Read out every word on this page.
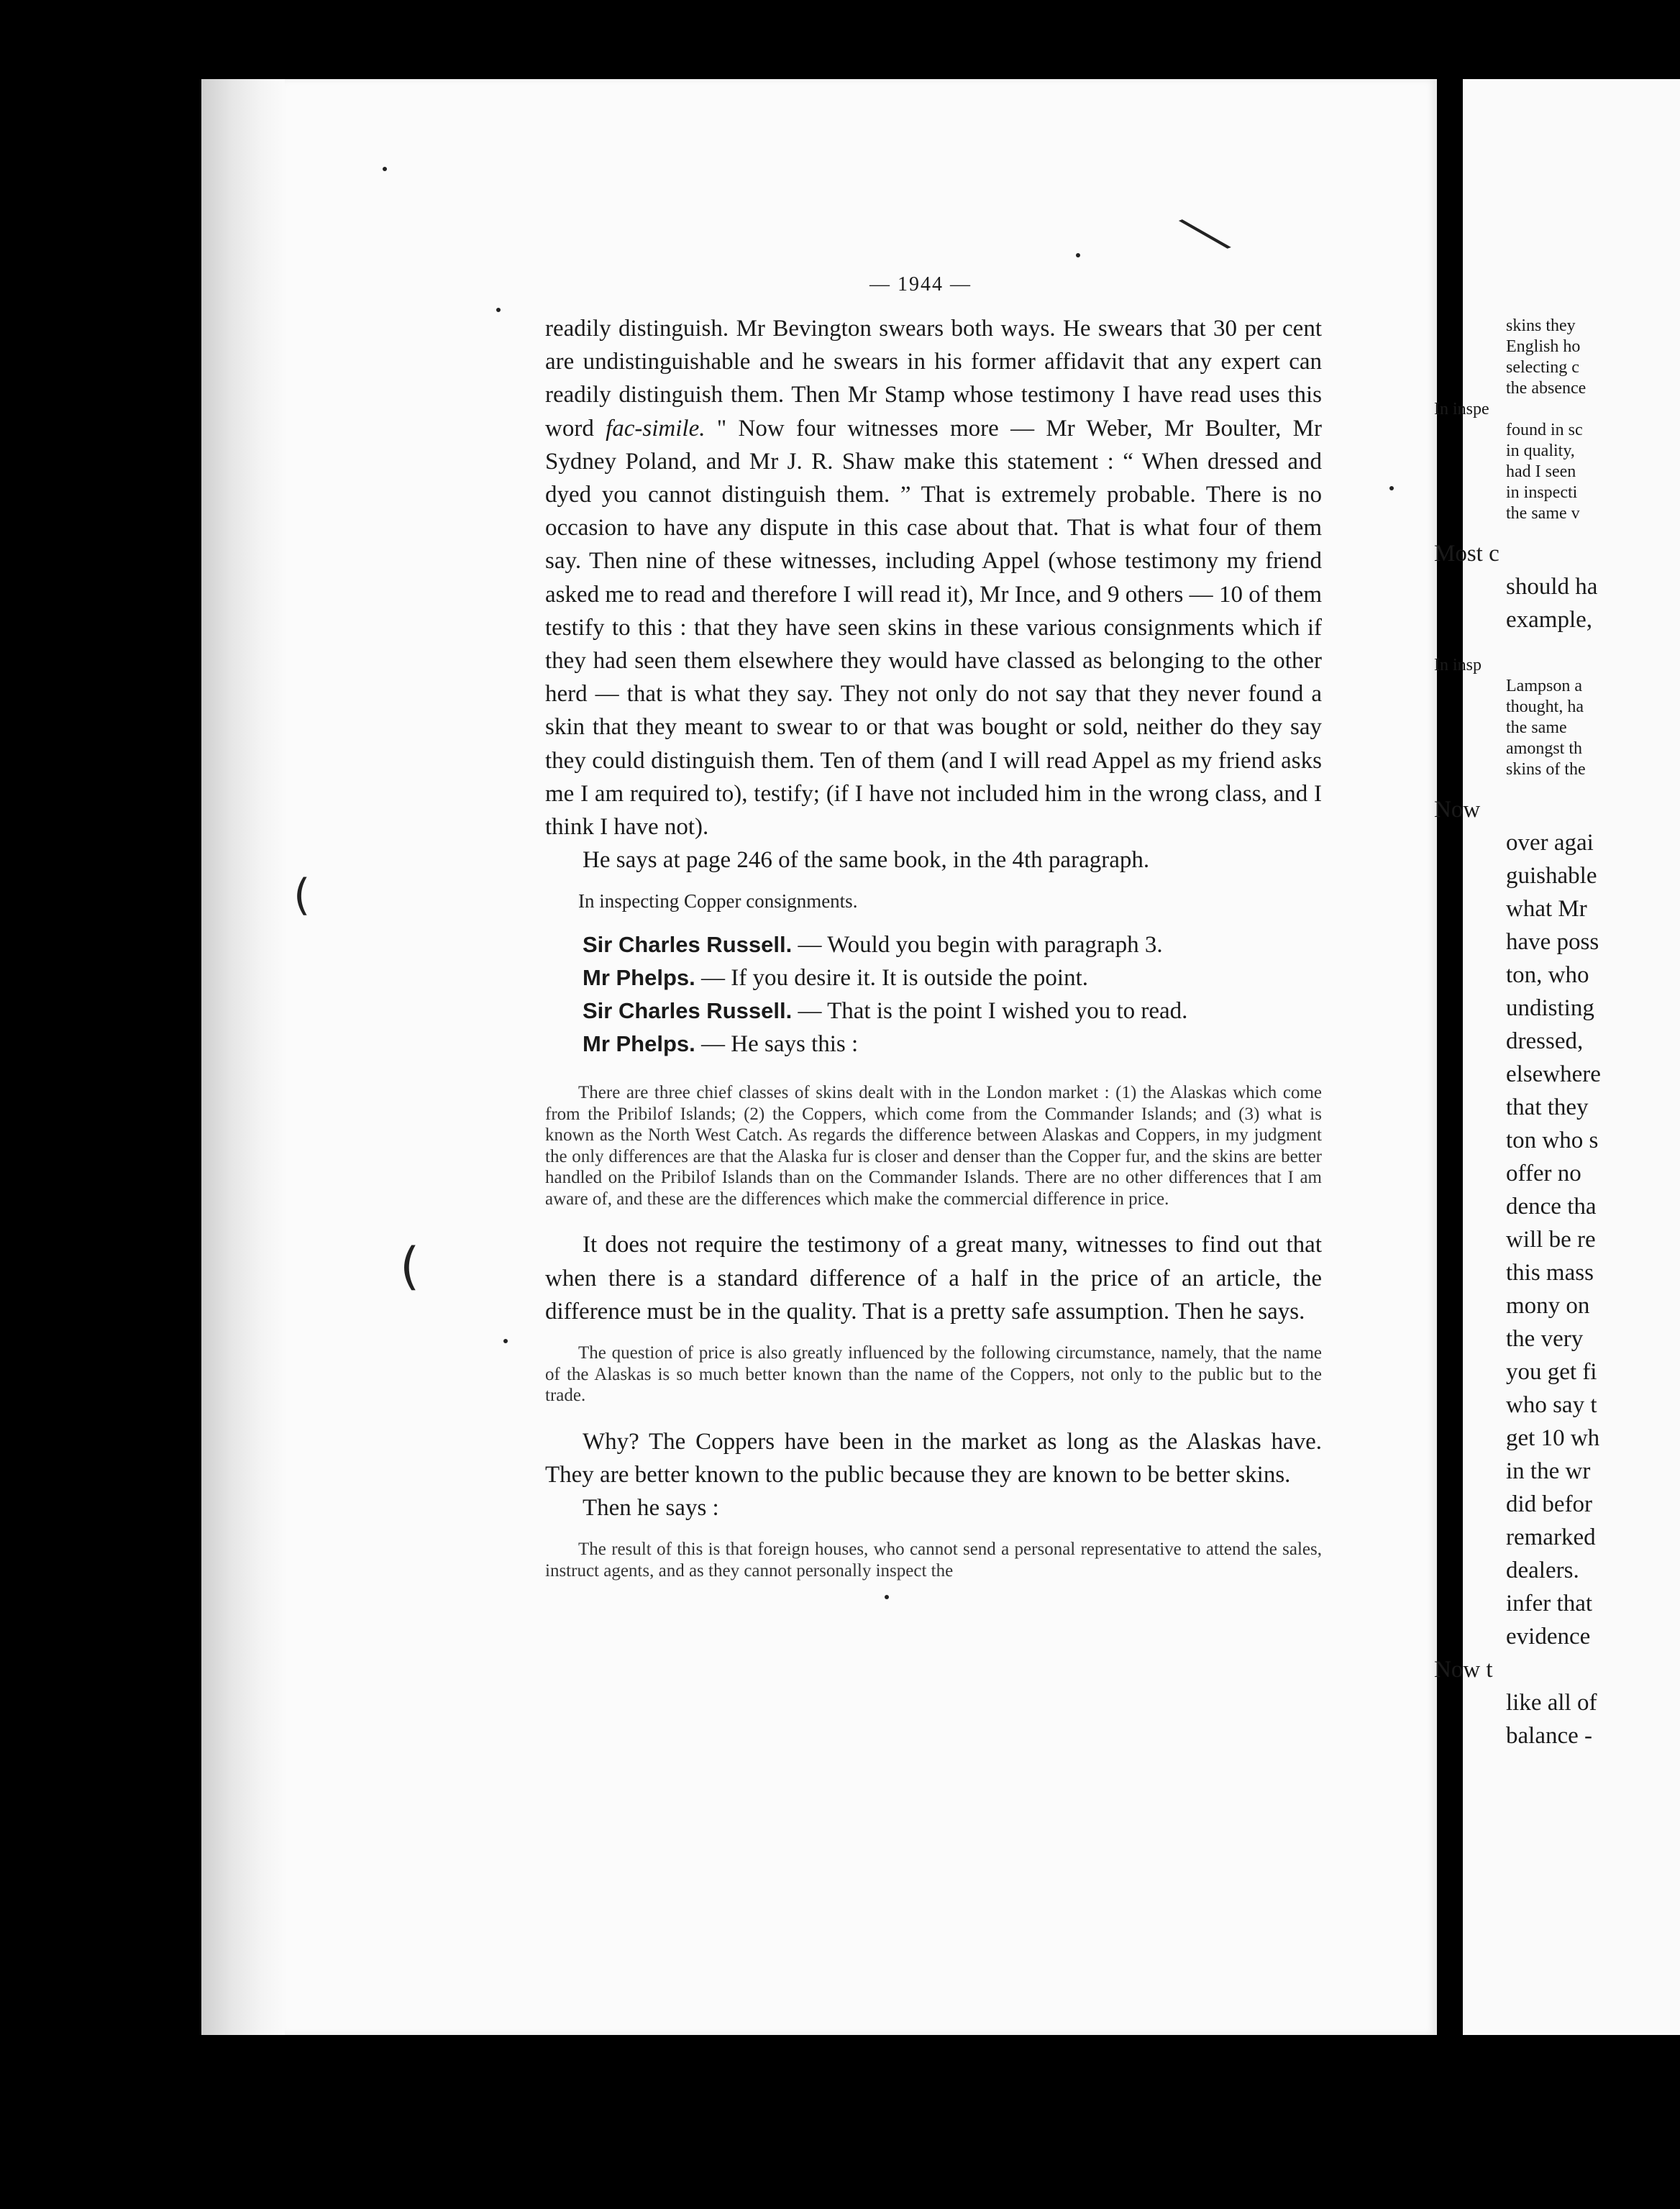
skins they
English ho
selecting c
the absence
In inspe
found in sc
in quality,
had I seen
in inspecti
the same v
Most c
should ha
example,
In insp
Lampson a
thought, ha
the same
amongst th
skins of the
Now
over agai
guishable
what Mr
have poss
ton, who
undisting
dressed,
elsewhere
that they
ton who s
offer no
dence tha
will be re
this mass
mony on
the very
you get fi
who say t
get 10 wh
in the wr
did befor
remarked
dealers.
infer that
evidence
Now t
like all of
balance -
— 1944 —

readily distinguish. Mr Bevington swears both ways. He swears that 30 per cent are undistinguishable and he swears in his former affidavit that any expert can readily distinguish them. Then Mr Stamp whose testimony I have read uses this word fac-simile. " Now four witnesses more — Mr Weber, Mr Boulter, Mr Sydney Poland, and Mr J. R. Shaw make this statement : “ When dressed and dyed you cannot distinguish them. ” That is extremely probable. There is no occasion to have any dispute in this case about that. That is what four of them say. Then nine of these witnesses, including Appel (whose testimony my friend asked me to read and therefore I will read it), Mr Ince, and 9 others — 10 of them testify to this : that they have seen skins in these various consignments which if they had seen them elsewhere they would have classed as belonging to the other herd — that is what they say. They not only do not say that they never found a skin that they meant to swear to or that was bought or sold, neither do they say they could distinguish them. Ten of them (and I will read Appel as my friend asks me I am required to), testify; (if I have not included him in the wrong class, and I think I have not).

He says at page 246 of the same book, in the 4th paragraph.

In inspecting Copper consignments.

Sir Charles Russell. — Would you begin with paragraph 3.
Mr Phelps. — If you desire it. It is outside the point.
Sir Charles Russell. — That is the point I wished you to read.
Mr Phelps. — He says this :

There are three chief classes of skins dealt with in the London market : (1) the Alaskas which come from the Pribilof Islands; (2) the Coppers, which come from the Commander Islands; and (3) what is known as the North West Catch. As regards the difference between Alaskas and Coppers, in my judgment the only differences are that the Alaska fur is closer and denser than the Copper fur, and the skins are better handled on the Pribilof Islands than on the Commander Islands. There are no other differences that I am aware of, and these are the differences which make the commercial difference in price.

It does not require the testimony of a great many, witnesses to find out that when there is a standard difference of a half in the price of an article, the difference must be in the quality. That is a pretty safe assumption. Then he says.

The question of price is also greatly influenced by the following circumstance, namely, that the name of the Alaskas is so much better known than the name of the Coppers, not only to the public but to the trade.

Why? The Coppers have been in the market as long as the Alaskas have. They are better known to the public because they are known to be better skins.

Then he says :

The result of this is that foreign houses, who cannot send a personal representative to attend the sales, instruct agents, and as they cannot personally inspect the

⟍
(
(
